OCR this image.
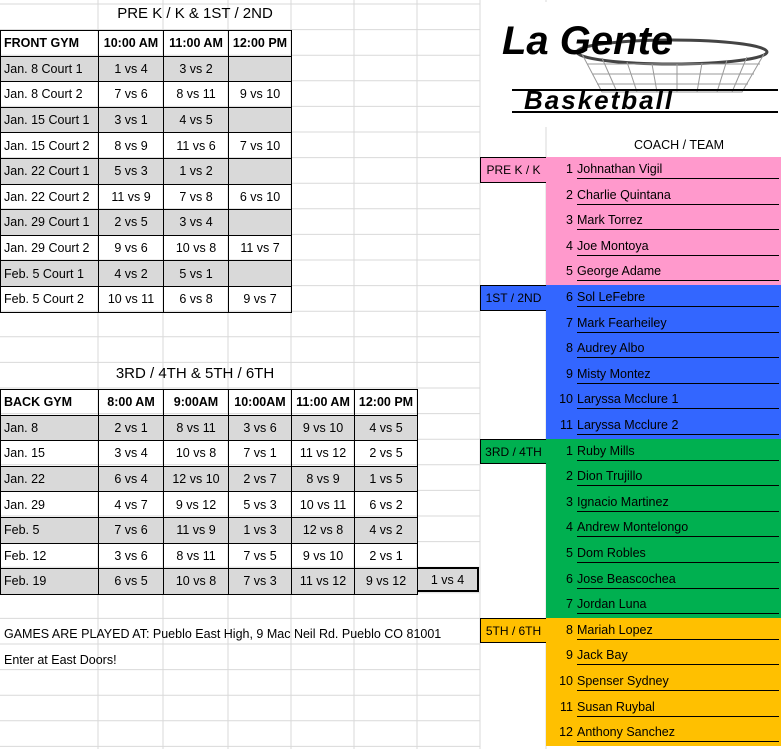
PRE K / K & 1ST / 2ND
FRONT GYM	10:00 AM	11:00 AM	12:00 PM
Jan. 8 Court 1	1 vs 4	3 vs 2	
Jan. 8 Court 2	7 vs 6	8 vs 11	9 vs 10
Jan. 15 Court 1	3 vs 1	4 vs 5	
Jan. 15 Court 2	8 vs 9	11 vs 6	7 vs 10
Jan. 22 Court 1	5 vs 3	1 vs 2	
Jan. 22 Court 2	11 vs 9	7 vs 8	6 vs 10
Jan. 29 Court 1	2 vs 5	3 vs 4	
Jan. 29 Court 2	9 vs 6	10 vs 8	11 vs 7
Feb. 5 Court 1	4 vs 2	5 vs 1	
Feb. 5 Court 2	10 vs 11	6 vs 8	9 vs 7
3RD / 4TH & 5TH / 6TH
BACK GYM	8:00 AM	9:00AM	10:00AM	11:00 AM	12:00 PM
Jan. 8	2 vs 1	8 vs 11	3 vs 6	9 vs 10	4 vs 5
Jan. 15	3 vs 4	10 vs 8	7 vs 1	11 vs 12	2 vs 5
Jan. 22	6 vs 4	12 vs 10	2 vs 7	8 vs 9	1 vs 5
Jan. 29	4 vs 7	9 vs 12	5 vs 3	10 vs 11	6 vs 2
Feb. 5	7 vs 6	11 vs 9	1 vs 3	12 vs 8	4 vs 2
Feb. 12	3 vs 6	8 vs 11	7 vs 5	9 vs 10	2 vs 1
Feb. 19	6 vs 5	10 vs 8	7 vs 3	11 vs 12	9 vs 12	1 vs 4
GAMES ARE PLAYED AT: Pueblo East High, 9 Mac Neil Rd. Pueblo CO 81001
Enter at East Doors!
La Gente
Basketball
COACH / TEAM
PRE K / K	1 Johnathan Vigil
2 Charlie Quintana
3 Mark Torrez
4 Joe Montoya
5 George Adame
1ST / 2ND	6 Sol LeFebre
7 Mark Fearheiley
8 Audrey Albo
9 Misty Montez
10 Laryssa Mcclure 1
11 Laryssa Mcclure 2
3RD / 4TH	1 Ruby Mills
2 Dion Trujillo
3 Ignacio Martinez
4 Andrew Montelongo
5 Dom Robles
6 Jose Beascochea
7 Jordan Luna
5TH / 6TH	8 Mariah Lopez
9 Jack Bay
10 Spenser Sydney
11 Susan Ruybal
12 Anthony Sanchez
